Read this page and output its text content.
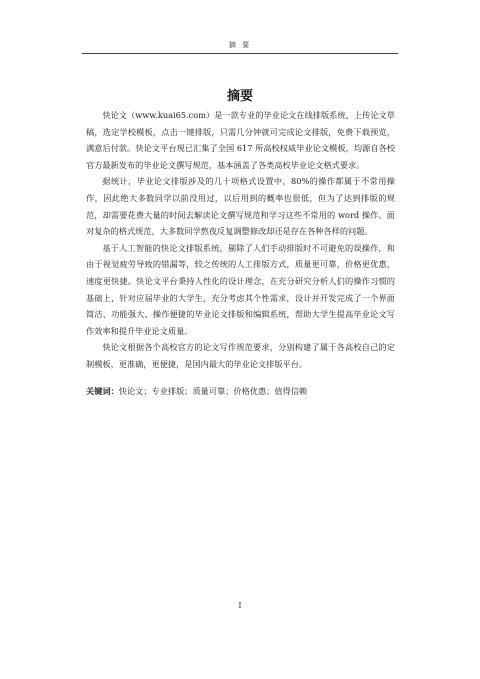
摘 要
摘要

快论文（www.kuai65.com）是一款专业的毕业论文在线排版系统，上传论文草稿，选定学校模板，点击一键排版，只需几分钟就可完成论文排版，免费下载预览，满意后付款。快论文平台现已汇集了全国 617 所高校权威毕业论文模板，均源自各校官方最新发布的毕业论文撰写规范，基本涵盖了各类高校毕业论文格式要求。

据统计，毕业论文排版涉及的几十项格式设置中，80%的操作都属于不常用操作，因此绝大多数同学以前没用过，以后用到的概率也很低，但为了达到排版的规范，却需要花费大量的时间去解读论文撰写规范和学习这些不常用的 word 操作。面对复杂的格式规范，大多数同学熬夜反复调整修改却还是存在各种各样的问题。

基于人工智能的快论文排版系统，剔除了人们手动排版时不可避免的误操作，和由于视觉疲劳导致的错漏等，较之传统的人工排版方式，质量更可靠，价格更优惠，速度更快捷。快论文平台秉持人性化的设计理念，在充分研究分析人们的操作习惯的基础上，针对应届毕业的大学生，充分考虑其个性需求，设计并开发完成了一个界面简洁、功能强大、操作便捷的毕业论文排版和编辑系统，帮助大学生提高毕业论文写作效率和提升毕业论文质量。

快论文根据各个高校官方的论文写作规范要求，分别构建了属于各高校自己的定制模板，更准确，更便捷，是国内最大的毕业论文排版平台。

关键词：快论文；专业排版；质量可靠；价格优惠；值得信赖
I
